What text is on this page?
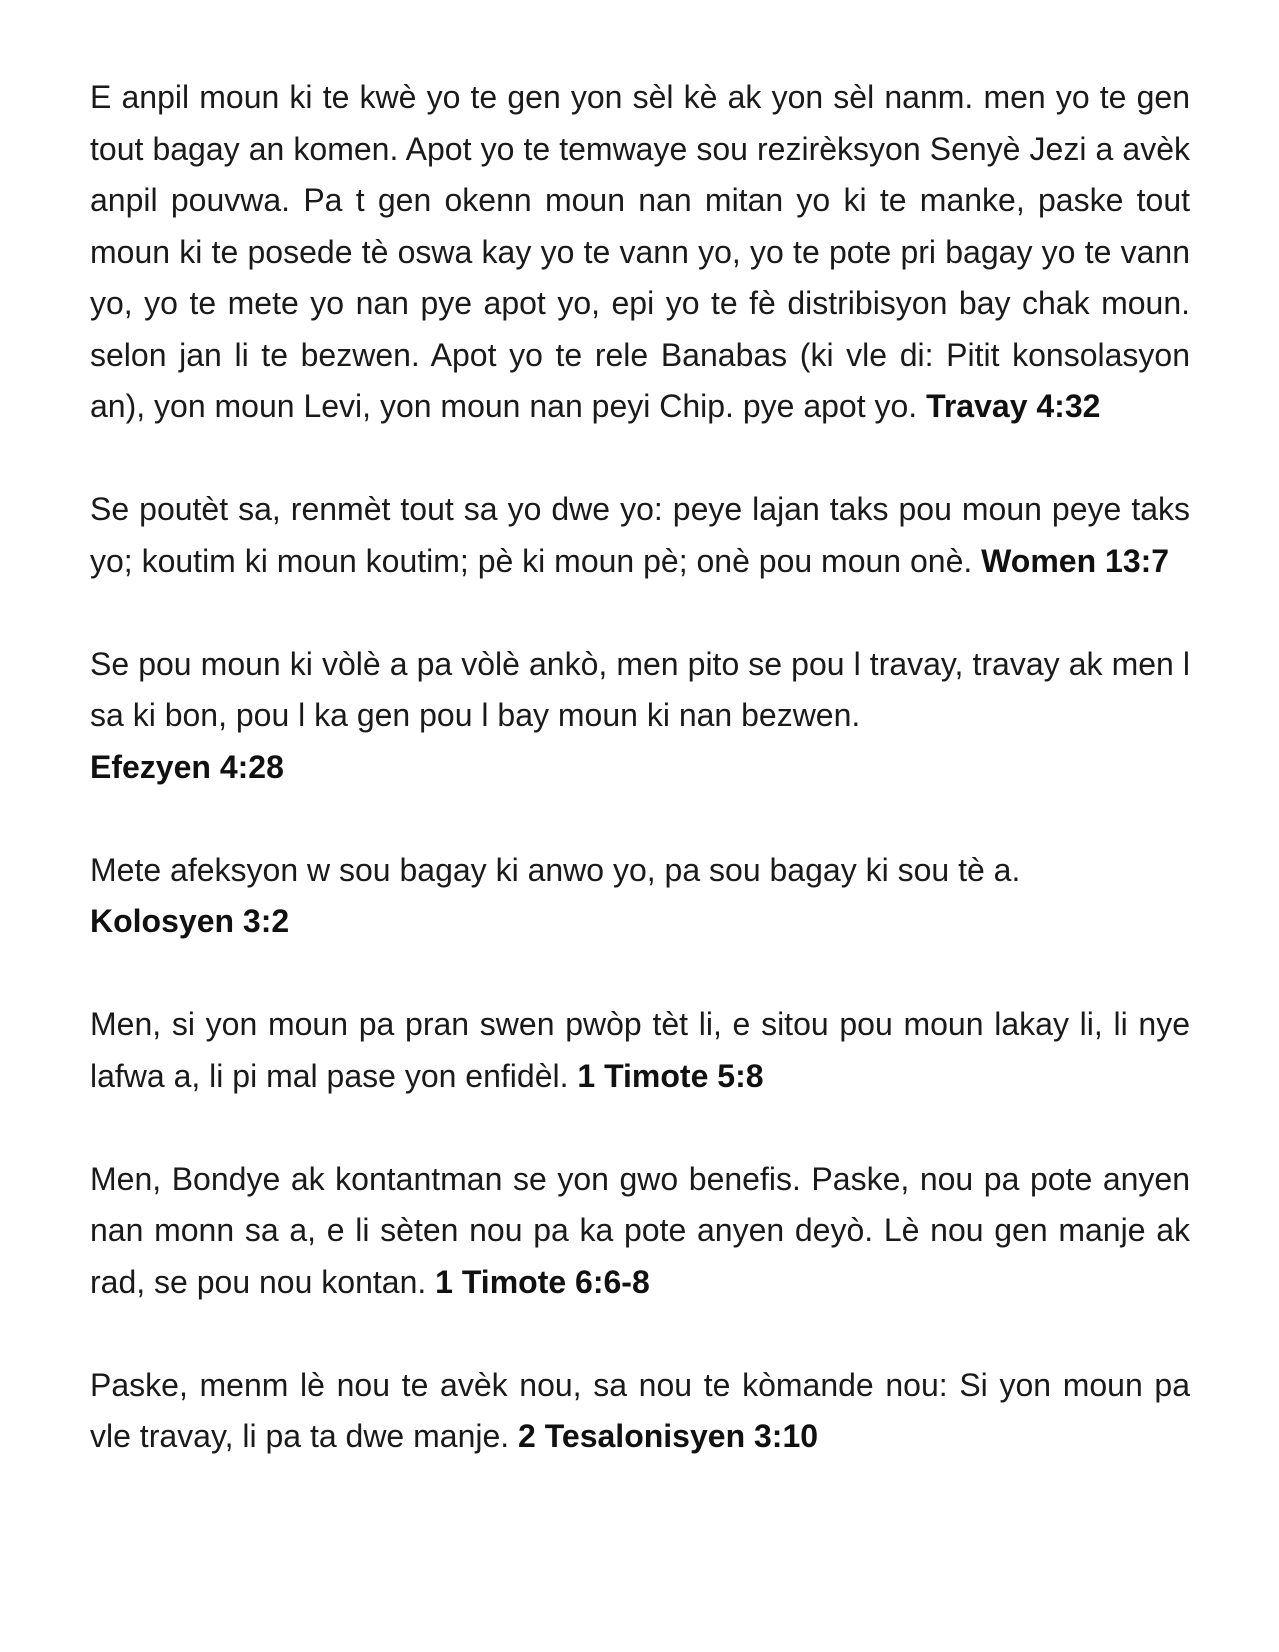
E anpil moun ki te kwè yo te gen yon sèl kè ak yon sèl nanm. men yo te gen tout bagay an komen. Apot yo te temwaye sou rezirèksyon Senyè Jezi a avèk anpil pouvwa. Pa t gen okenn moun nan mitan yo ki te manke, paske tout moun ki te posede tè oswa kay yo te vann yo, yo te pote pri bagay yo te vann yo, yo te mete yo nan pye apot yo, epi yo te fè distribisyon bay chak moun. selon jan li te bezwen. Apot yo te rele Banabas (ki vle di: Pitit konsolasyon an), yon moun Levi, yon moun nan peyi Chip. pye apot yo. Travay 4:32

Se poutèt sa, renmèt tout sa yo dwe yo: peye lajan taks pou moun peye taks yo; koutim ki moun koutim; pè ki moun pè; onè pou moun onè. Women 13:7

Se pou moun ki vòlè a pa vòlè ankò, men pito se pou l travay, travay ak men l sa ki bon, pou l ka gen pou l bay moun ki nan bezwen.
Efezyen 4:28

Mete afeksyon w sou bagay ki anwo yo, pa sou bagay ki sou tè a.
Kolosyen 3:2

Men, si yon moun pa pran swen pwòp tèt li, e sitou pou moun lakay li, li nye lafwa a, li pi mal pase yon enfidèl. 1 Timote 5:8

Men, Bondye ak kontantman se yon gwo benefis. Paske, nou pa pote anyen nan monn sa a, e li sèten nou pa ka pote anyen deyò. Lè nou gen manje ak rad, se pou nou kontan. 1 Timote 6:6-8

Paske, menm lè nou te avèk nou, sa nou te kòmande nou: Si yon moun pa vle travay, li pa ta dwe manje. 2 Tesalonisyen 3:10
